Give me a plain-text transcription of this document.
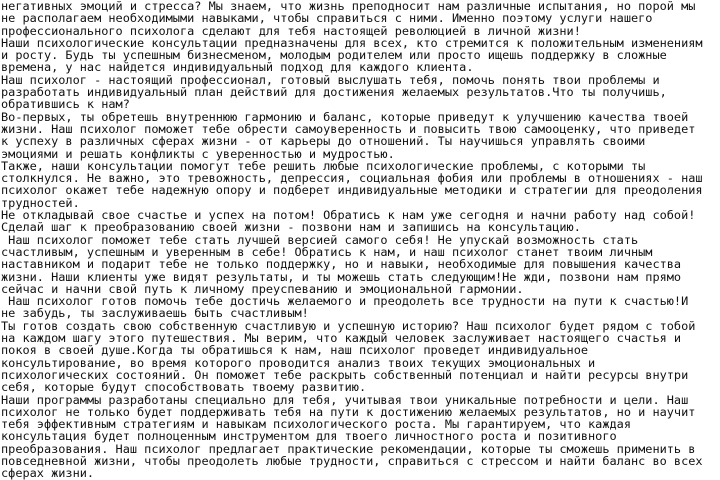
негативных эмоций и стресса? Мы знаем, что жизнь преподносит нам различные испытания, но порой мы
не располагаем необходимыми навыками, чтобы справиться с ними. Именно поэтому услуги нашего
профессионального психолога сделают для тебя настоящей революцией в личной жизни!
Наши психологические консультации предназначены для всех, кто стремится к положительным изменениям
и росту. Будь ты успешным бизнесменом, молодым родителем или просто ищешь поддержку в сложные
времена, у нас найдется индивидуальный подход для каждого клиента.
Наш психолог - настоящий профессионал, готовый выслушать тебя, помочь понять твои проблемы и
разработать индивидуальный план действий для достижения желаемых результатов.Что ты получишь,
обратившись к нам?
Во-первых, ты обретешь внутреннюю гармонию и баланс, которые приведут к улучшению качества твоей
жизни. Наш психолог поможет тебе обрести самоуверенность и повысить твою самооценку, что приведет
к успеху в различных сферах жизни - от карьеры до отношений. Ты научишься управлять своими
эмоциями и решать конфликты с уверенностью и мудростью.
Также, наши консультации помогут тебе решить любые психологические проблемы, с которыми ты
столкнулся. Не важно, это тревожность, депрессия, социальная фобия или проблемы в отношениях - наш
психолог окажет тебе надежную опору и подберет индивидуальные методики и стратегии для преодоления
трудностей.
Не откладывай свое счастье и успех на потом! Обратись к нам уже сегодня и начни работу над собой!
Сделай шаг к преобразованию своей жизни - позвони нам и запишись на консультацию.
Наш психолог поможет тебе стать лучшей версией самого себя! Не упускай возможность стать
счастливым, успешным и уверенным в себе! Обратись к нам, и наш психолог станет твоим личным
наставником и подарит тебе не только поддержку, но и навыки, необходимые для повышения качества
жизни. Наши клиенты уже видят результаты, и ты можешь стать следующим!Не жди, позвони нам прямо
сейчас и начни свой путь к личному преуспеванию и эмоциональной гармонии.
Наш психолог готов помочь тебе достичь желаемого и преодолеть все трудности на пути к счастью!И
не забудь, ты заслуживаешь быть счастливым!
Ты готов создать свою собственную счастливую и успешную историю? Наш психолог будет рядом с тобой
на каждом шагу этого путешествия. Мы верим, что каждый человек заслуживает настоящего счастья и
покоя в своей душе.Когда ты обратишься к нам, наш психолог проведет индивидуальное
консультирование, во время которого проводится анализ твоих текущих эмоциональных и
психологических состояний. Он поможет тебе раскрыть собственный потенциал и найти ресурсы внутри
себя, которые будут способствовать твоему развитию.
Наши программы разработаны специально для тебя, учитывая твои уникальные потребности и цели. Наш
психолог не только будет поддерживать тебя на пути к достижению желаемых результатов, но и научит
тебя эффективным стратегиям и навыкам психологического роста. Мы гарантируем, что каждая
консультация будет полноценным инструментом для твоего личностного роста и позитивного
преобразования. Наш психолог предлагает практические рекомендации, которые ты сможешь применить в
повседневной жизни, чтобы преодолеть любые трудности, справиться с стрессом и найти баланс во всех
сферах жизни.
